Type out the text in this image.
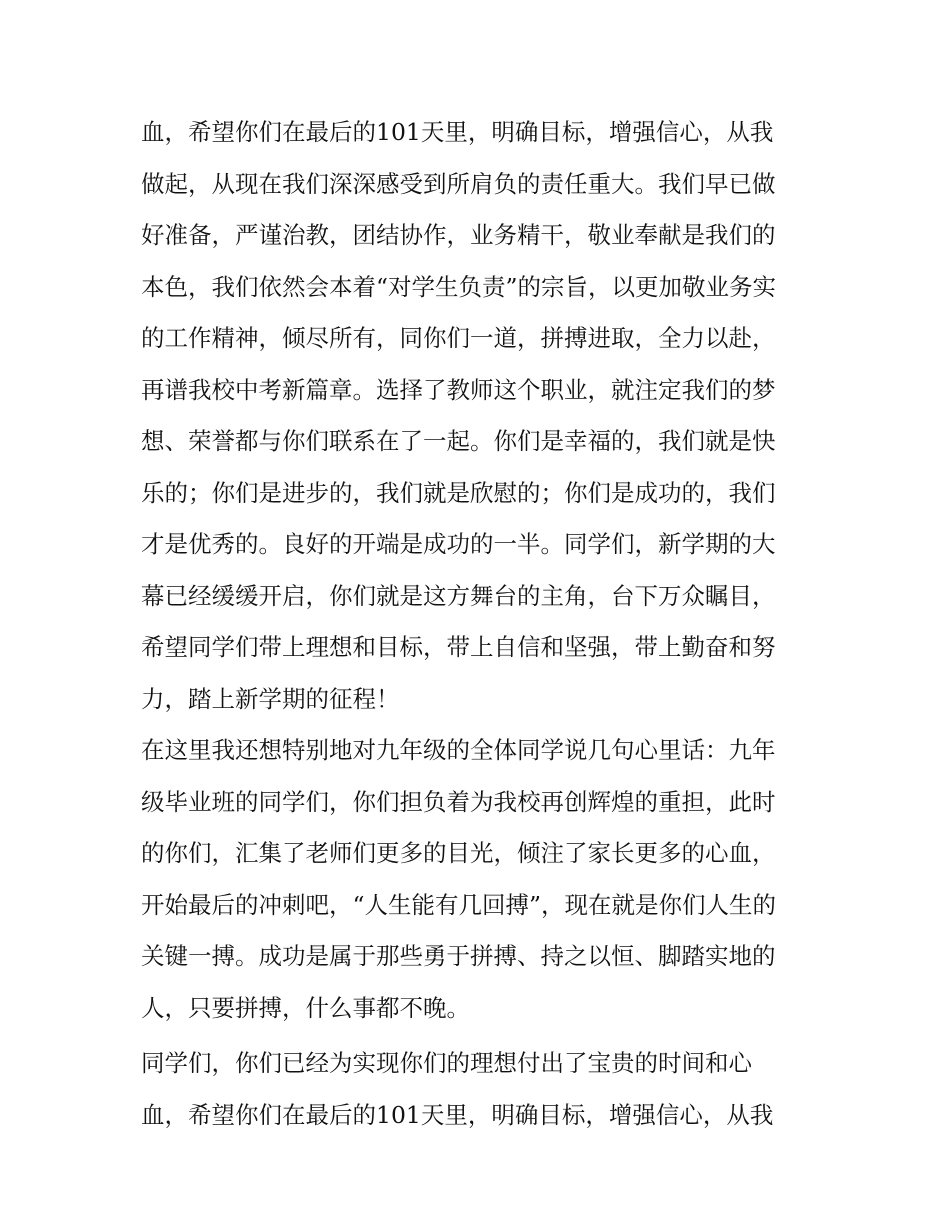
血，希望你们在最后的101天里，明确目标，增强信心，从我
做起，从现在我们深深感受到所肩负的责任重大。我们早已做
好准备，严谨治教，团结协作，业务精干，敬业奉献是我们的
本色，我们依然会本着“对学生负责”的宗旨，以更加敬业务实
的工作精神，倾尽所有，同你们一道，拼搏进取，全力以赴，
再谱我校中考新篇章。选择了教师这个职业，就注定我们的梦
想、荣誉都与你们联系在了一起。你们是幸福的，我们就是快
乐的；你们是进步的，我们就是欣慰的；你们是成功的，我们
才是优秀的。良好的开端是成功的一半。同学们，新学期的大
幕已经缓缓开启，你们就是这方舞台的主角，台下万众瞩目，
希望同学们带上理想和目标，带上自信和坚强，带上勤奋和努
力，踏上新学期的征程！
在这里我还想特别地对九年级的全体同学说几句心里话：九年
级毕业班的同学们，你们担负着为我校再创辉煌的重担，此时
的你们，汇集了老师们更多的目光，倾注了家长更多的心血，
开始最后的冲刺吧，“人生能有几回搏”，现在就是你们人生的
关键一搏。成功是属于那些勇于拼搏、持之以恒、脚踏实地的
人，只要拼搏，什么事都不晚。
同学们，你们已经为实现你们的理想付出了宝贵的时间和心
血，希望你们在最后的101天里，明确目标，增强信心，从我
